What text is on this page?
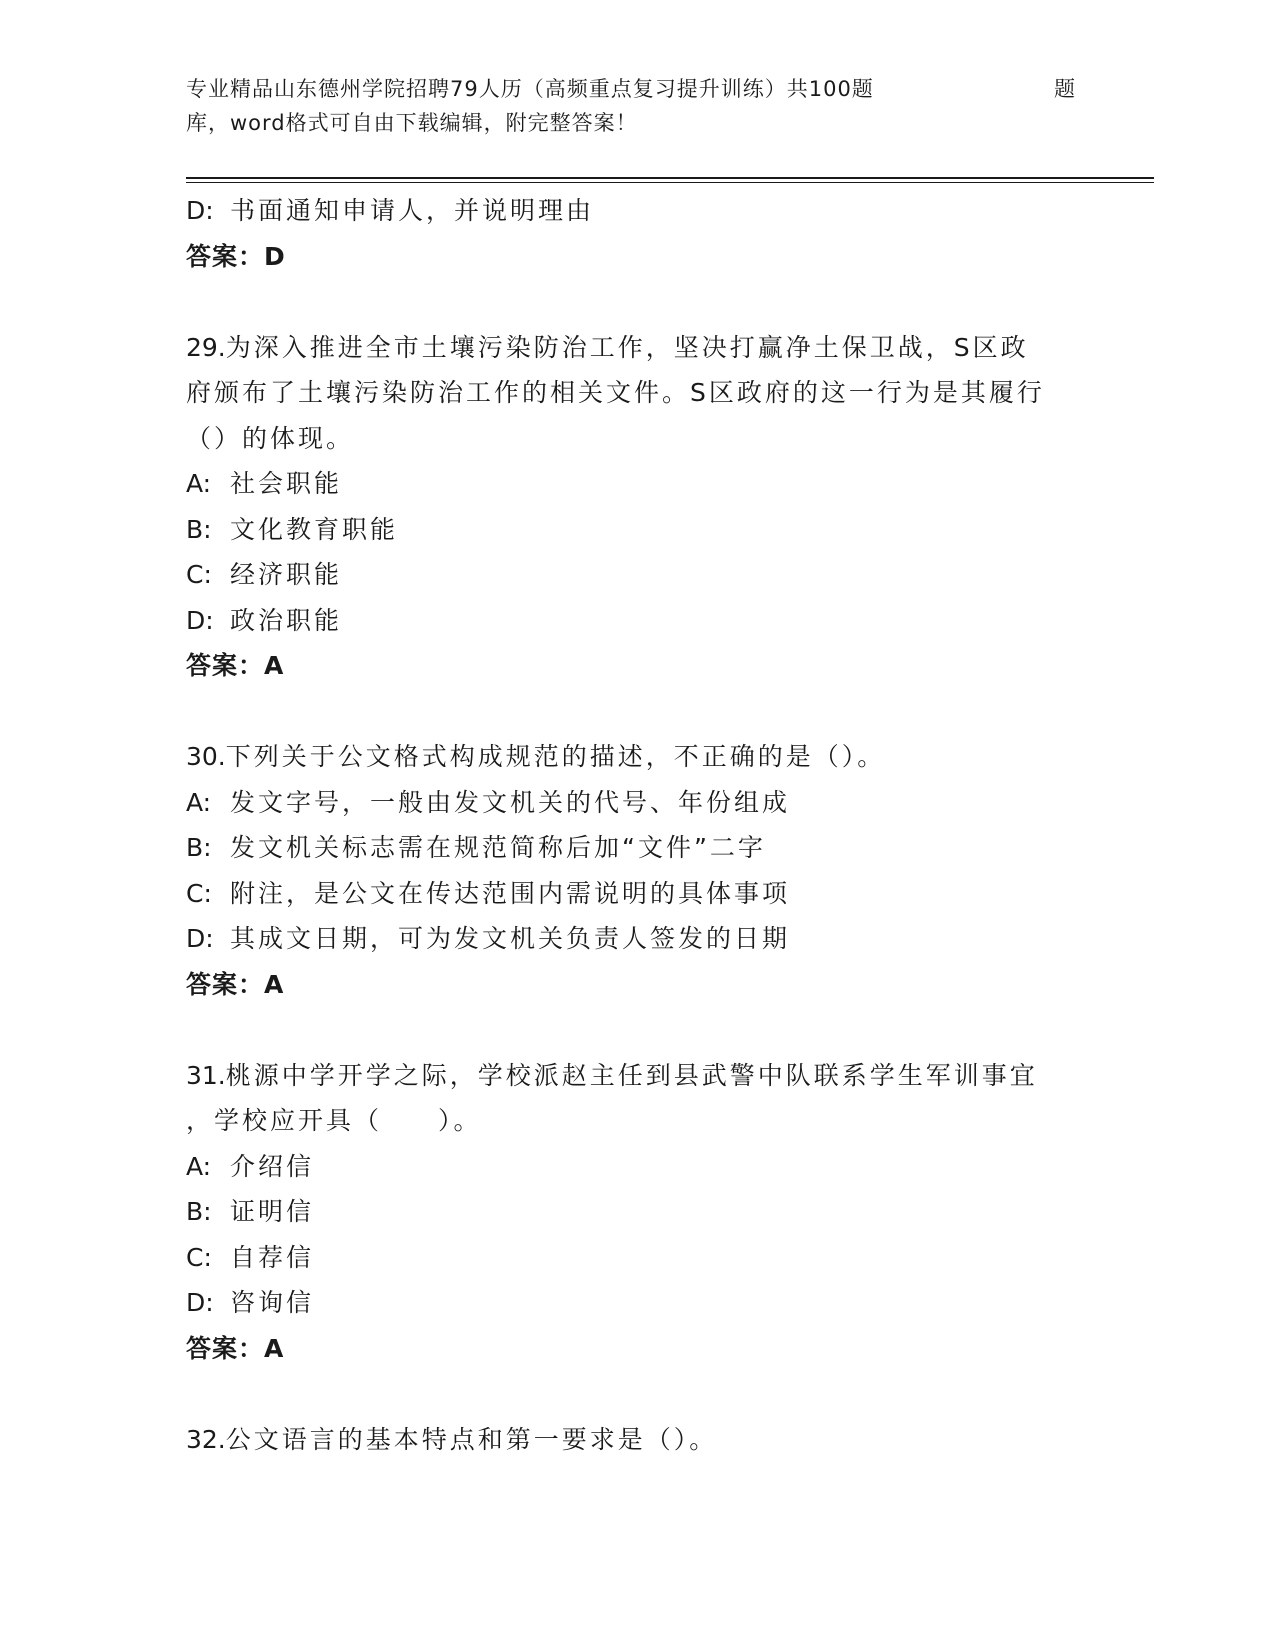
专业精品山东德州学院招聘79人历（高频重点复习提升训练）共100题	题
库，word格式可自由下载编辑，附完整答案！
D: 书面通知申请人，并说明理由
答案：D
29.为深入推进全市土壤污染防治工作，坚决打赢净土保卫战，S区政
府颁布了土壤污染防治工作的相关文件。S区政府的这一行为是其履行
（）的体现。
A: 社会职能
B: 文化教育职能
C: 经济职能
D: 政治职能
答案：A
30.下列关于公文格式构成规范的描述，不正确的是（）。
A: 发文字号，一般由发文机关的代号、年份组成
B: 发文机关标志需在规范简称后加“文件”二字
C: 附注，是公文在传达范围内需说明的具体事项
D: 其成文日期，可为发文机关负责人签发的日期
答案：A
31.桃源中学开学之际，学校派赵主任到县武警中队联系学生军训事宜
，学校应开具（　　）。
A: 介绍信
B: 证明信
C: 自荐信
D: 咨询信
答案：A
32.公文语言的基本特点和第一要求是（）。
